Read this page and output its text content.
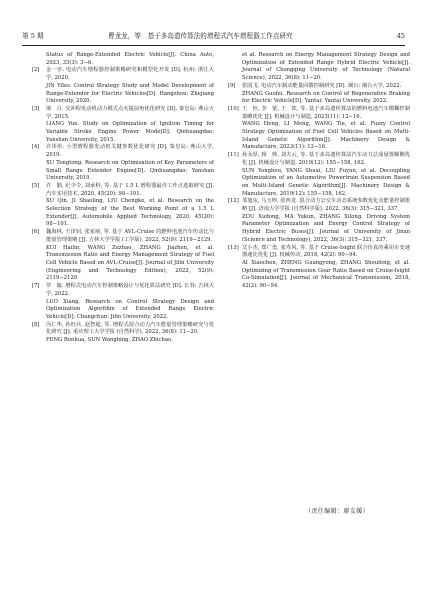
第 5 期	曹龙龙，等　基于多岛遗传算法的增程式汽车增程器工作点研究	45

Status of Range-Extended Electric Vehicle[J]. China Auto, 2023, 33(3): 3−6.

[2] 金一亭. 电动汽车增程器控制策略研究和模型化开发 [D]. 杭州: 浙江大学, 2020.

JIN Yiles. Control Strategy Study and Model Development of Range-Extender for Electric Vehicles[D]. Hangzhou: Zhejiang University, 2020.

[3] 梁　月. 交冲程发动机动力模式点火提前角优化研究 [D]. 秦皇岛: 燕山大学, 2015.

LIANG Yue. Study on Optimization of Ignition Timing for Variable Stroke Engine Power Mode[D]. Qinhuangdao: Yanshan University, 2015.

[4] 许彤彤. 小型增程器发动机关键参数优化研究 [D]. 秦皇岛: 燕山大学, 2019.

XU Tongtong. Research on Optimization of Key Parameters of Small Range Extender Engine[D]. Qinhuangdao: Yanshan University, 2019.

[5] 许　勤, 纪少令, 刘承科, 等. 基于 1.5 L 增程器最佳工作点选取研究 [J]. 汽车实用技术, 2020, 45(20): 98−101.

XU Qin, JI Shaoling, LIU Chengke, et al. Research on the Selection Strategy of the Best Working Point of a 1.5 L Extender[J]. Automobile Applied Technology, 2020, 45(20): 98−101.

[6] 魏海林, 王泽钊, 张家祯, 等. 基于 AVL-Cruise 的燃料电池汽车传动比与能量管理策略 [J]. 吉林大学学报 (工学版), 2022, 52(9): 2119−2129.

KUI Hailin, WANG Zezhao, ZHANG Jiazhen, et al. Transmission Ratio and Energy Management Strategy of Fuel Cell Vehicle Based on AVL-Cruise[J]. Journal of Jilin University (Engineering and Technology Edition), 2022, 52(9): 2119−2129.

[7] 罗　璇. 增程式电动汽车控制策略设计与优化算法研究 [D]. 长春: 吉林大学, 2022.

LUO Xiang. Research on Control Strategy Design and Optimization Algorithm of Extended Range Electric Vehicle[D]. Changchun: Jilin University, 2022.

[8] 冯仁华, 孙旺兵, 赵智超, 等. 增程式混合动力汽车能量管理策略研究与优化研究 [J]. 重庆理工大学学报 (自然科学), 2022, 36(8): 11−20.

FENG Renhua, SUN Wangbing, ZHAO Zhichao,

et al. Research on Energy Management Strategy Design and Optimization of Extended Range Hybrid Electric Vehicle[J]. Journal of Chongqing University of Technology (Natural Science), 2022, 36(8): 11−20.

[9] 张国飞. 电动汽车制动能量回馈控制研究 [D]. 烟台: 烟台大学, 2022.

ZHANG Guofei. Research on Control of Regenerative Braking for Electric Vehicle[D]. Yantai: Yantai University, 2022.

[10] 王　恒, 李　蒙, 王　铁, 等. 基于多岛遗传算法的燃料电池汽车模糊控制策略优化 [J]. 机械设计与制造, 2023(11): 12−16.

WANG Heng, LI Meng, WANG Tie, et al. Fuzzy Control Strategy Optimization of Fuel Cell Vehicles Based on Multi-Island Genetic Algorithm[J]. Machinery Design & Manufacture, 2023(11): 12−16.

[11] 孙永厚, 杨　帅, 刘夫云, 等. 基于多岛遗传算法汽车动力总成悬置解耦优化 [J]. 机械设计与制造, 2019(12): 155−158, 162.

SUN Yonghou, YANG Shuai, LIU Fuyun, et al. Decoupling Optimization of an Automotive Powertrain Suspension Based on Multi-Island Genetic Algorithm[J]. Machinery Design & Manufacture, 2019(12): 155−158, 162.

[12] 邹旭东, 马玉坤, 张西龙. 混合动力公交车动态系统参数优化及能量控制策略 [J]. 济南大学学报 (自然科学版), 2022, 36(3): 315−321, 337.

ZOU Xudong, MA Yukun, ZHANG Xilong. Driving System Parameter Optimization and Energy Control Strategy of Hybrid Electric Buses[J]. Journal of University of Jinan (Science and Technology), 2022, 36(3): 315−321, 337.

[13] 艾小杰, 郑广勇, 张寿风, 等. 基于 Cruise-Isight 联合仿真的乘用车变速器速比优化 [J]. 机械传动, 2018, 42(2): 90−94.

AI Xiaochen, ZHENG Guangyong, ZHANG Shoufeng, et al. Optimizing of Transmission Gear Ratio Based on Cruise-Isight Co-Simulation[J]. Journal of Mechanical Transmission, 2018, 42(2): 90−94.

（责任编辑：廖友媛）
